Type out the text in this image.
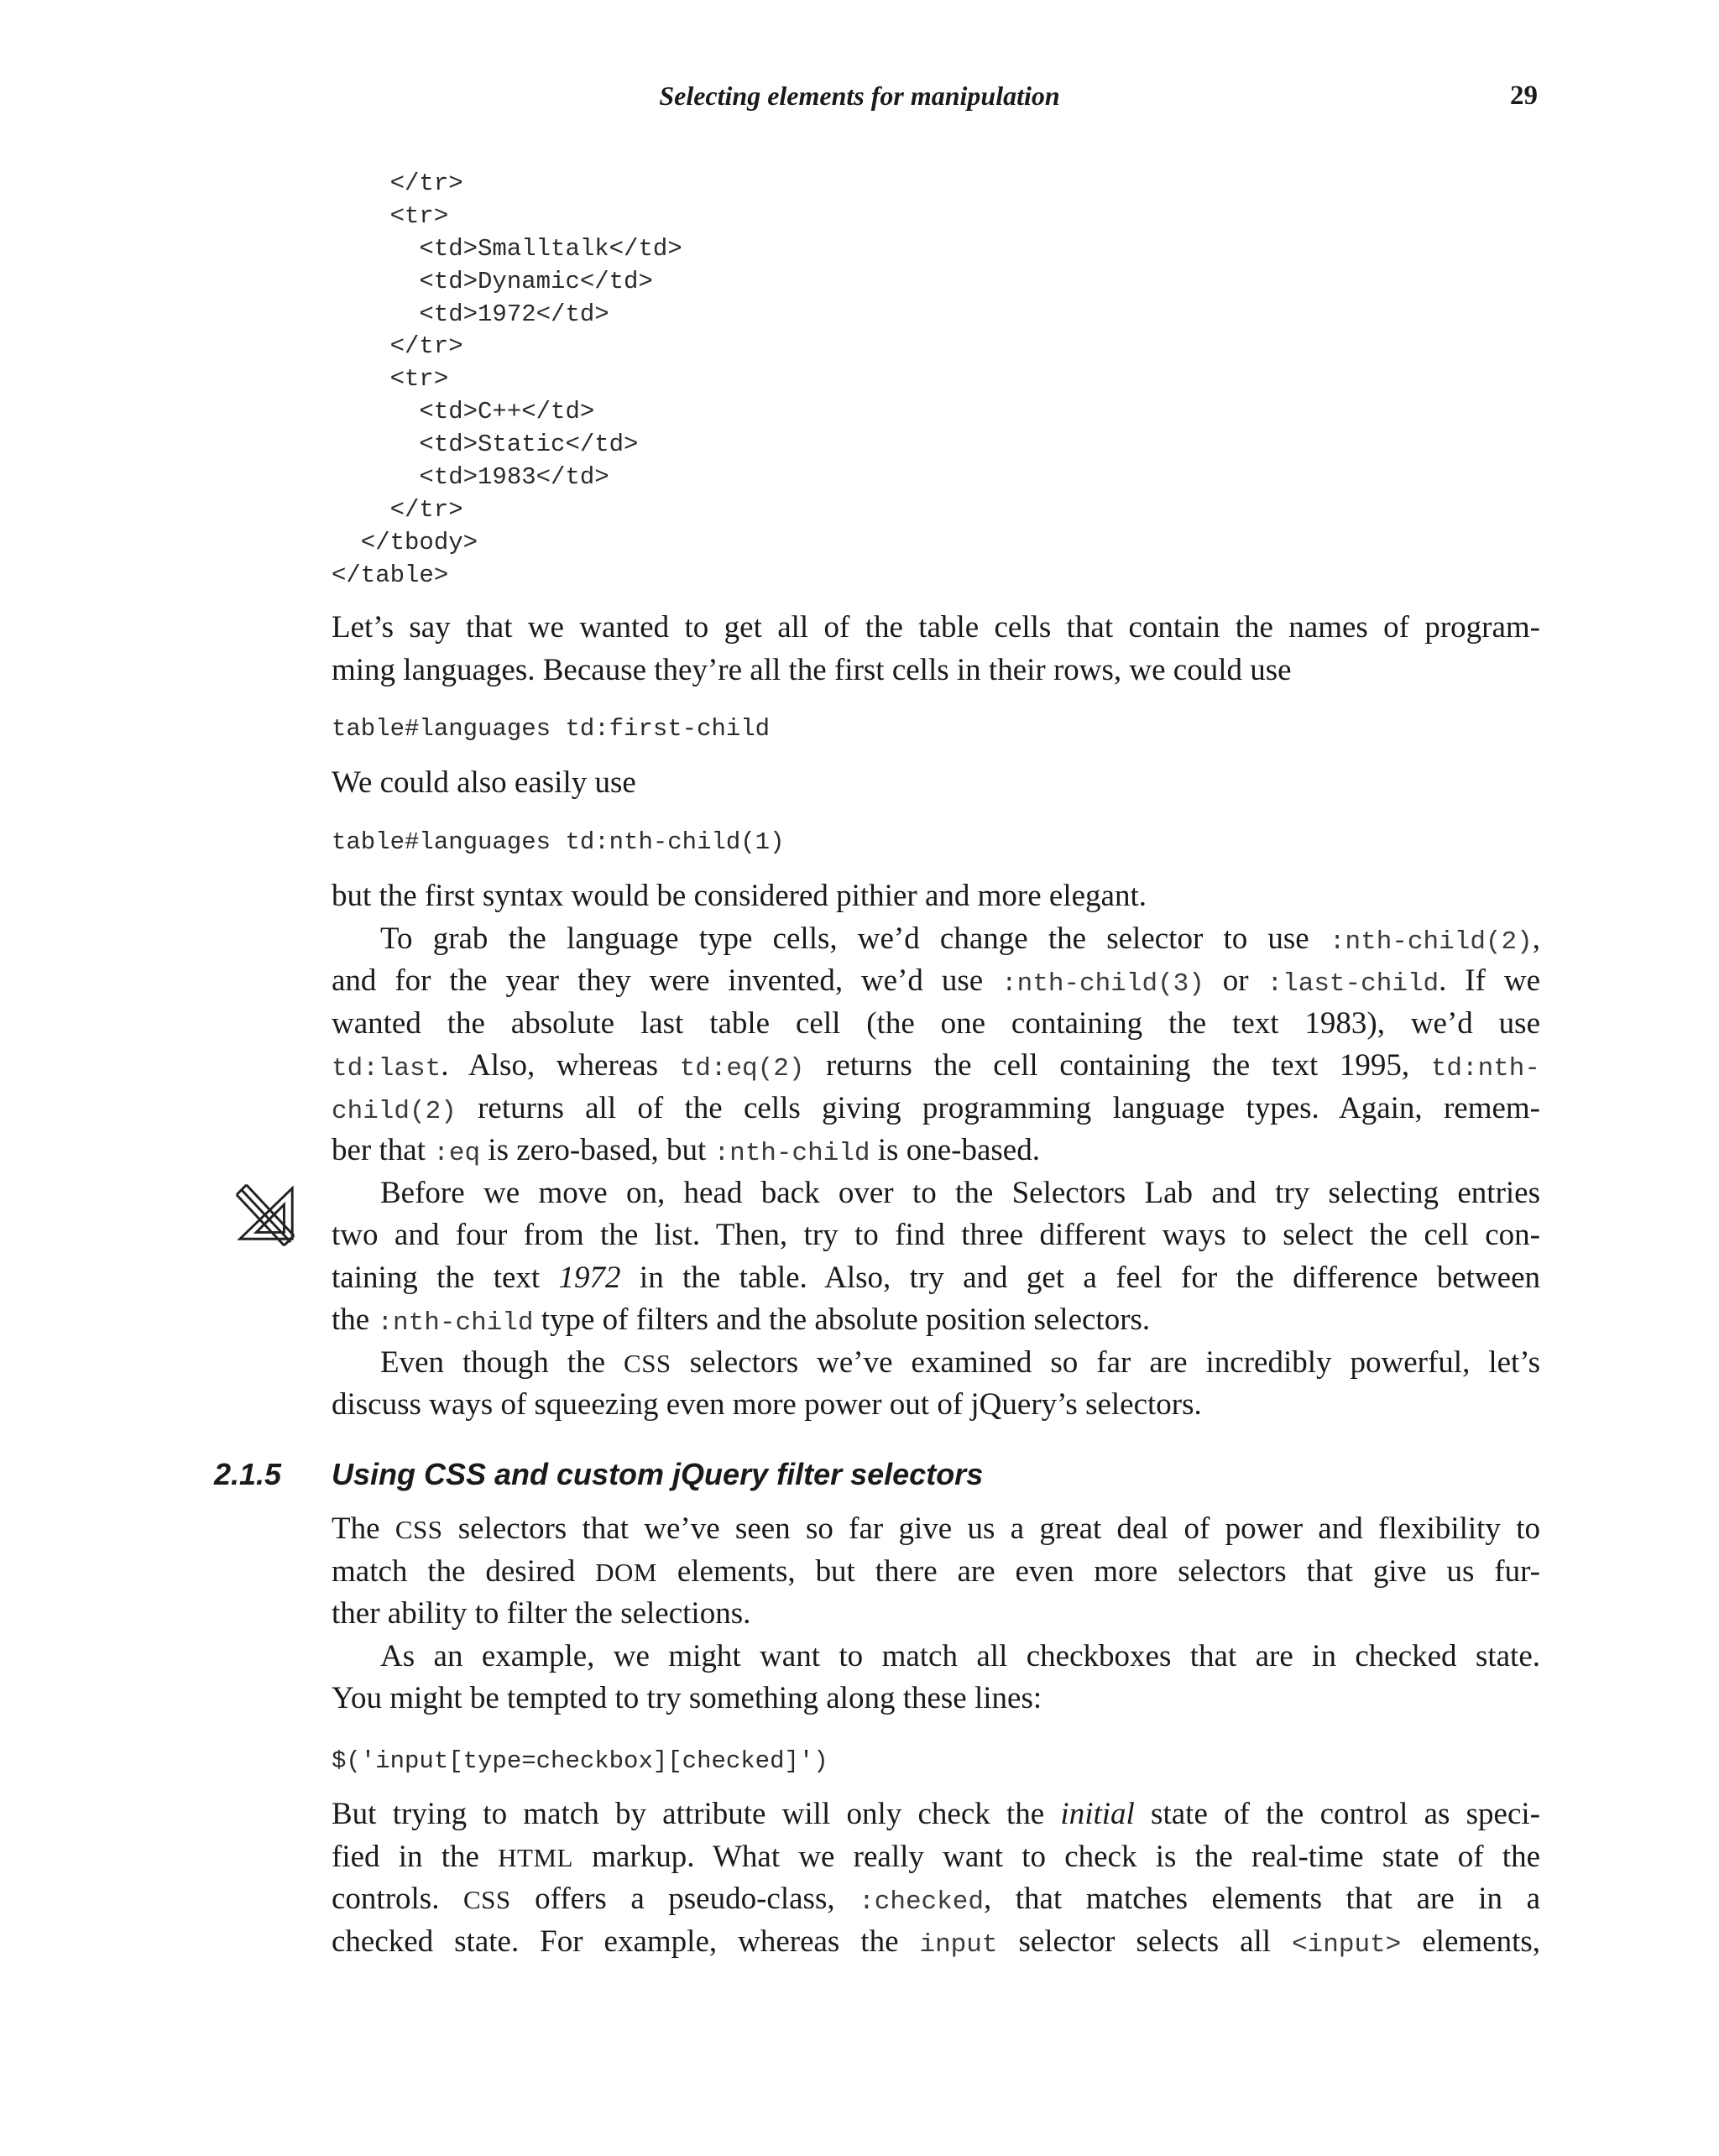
Selecting elements for manipulation	29
</tr>
<tr>
<td>Smalltalk</td>
<td>Dynamic</td>
<td>1972</td>
</tr>
<tr>
<td>C++</td>
<td>Static</td>
<td>1983</td>
</tr>
</tbody>
</table>
Let’s say that we wanted to get all of the table cells that contain the names of program-
ming languages. Because they’re all the first cells in their rows, we could use
table#languages td:first-child
We could also easily use
table#languages td:nth-child(1)
but the first syntax would be considered pithier and more elegant.
To grab the language type cells, we’d change the selector to use :nth-child(2),
and for the year they were invented, we’d use :nth-child(3) or :last-child. If we
wanted the absolute last table cell (the one containing the text 1983), we’d use
td:last. Also, whereas td:eq(2) returns the cell containing the text 1995, td:nth-
child(2) returns all of the cells giving programming language types. Again, remem-
ber that :eq is zero-based, but :nth-child is one-based.
Before we move on, head back over to the Selectors Lab and try selecting entries
two and four from the list. Then, try to find three different ways to select the cell con-
taining the text 1972 in the table. Also, try and get a feel for the difference between
the :nth-child type of filters and the absolute position selectors.
Even though the CSS selectors we’ve examined so far are incredibly powerful, let’s
discuss ways of squeezing even more power out of jQuery’s selectors.
2.1.5 Using CSS and custom jQuery filter selectors
The CSS selectors that we’ve seen so far give us a great deal of power and flexibility to
match the desired DOM elements, but there are even more selectors that give us fur-
ther ability to filter the selections.
As an example, we might want to match all checkboxes that are in checked state.
You might be tempted to try something along these lines:
$('input[type=checkbox][checked]')
But trying to match by attribute will only check the initial state of the control as speci-
fied in the HTML markup. What we really want to check is the real-time state of the
controls. CSS offers a pseudo-class, :checked, that matches elements that are in a
checked state. For example, whereas the input selector selects all <input> elements,
